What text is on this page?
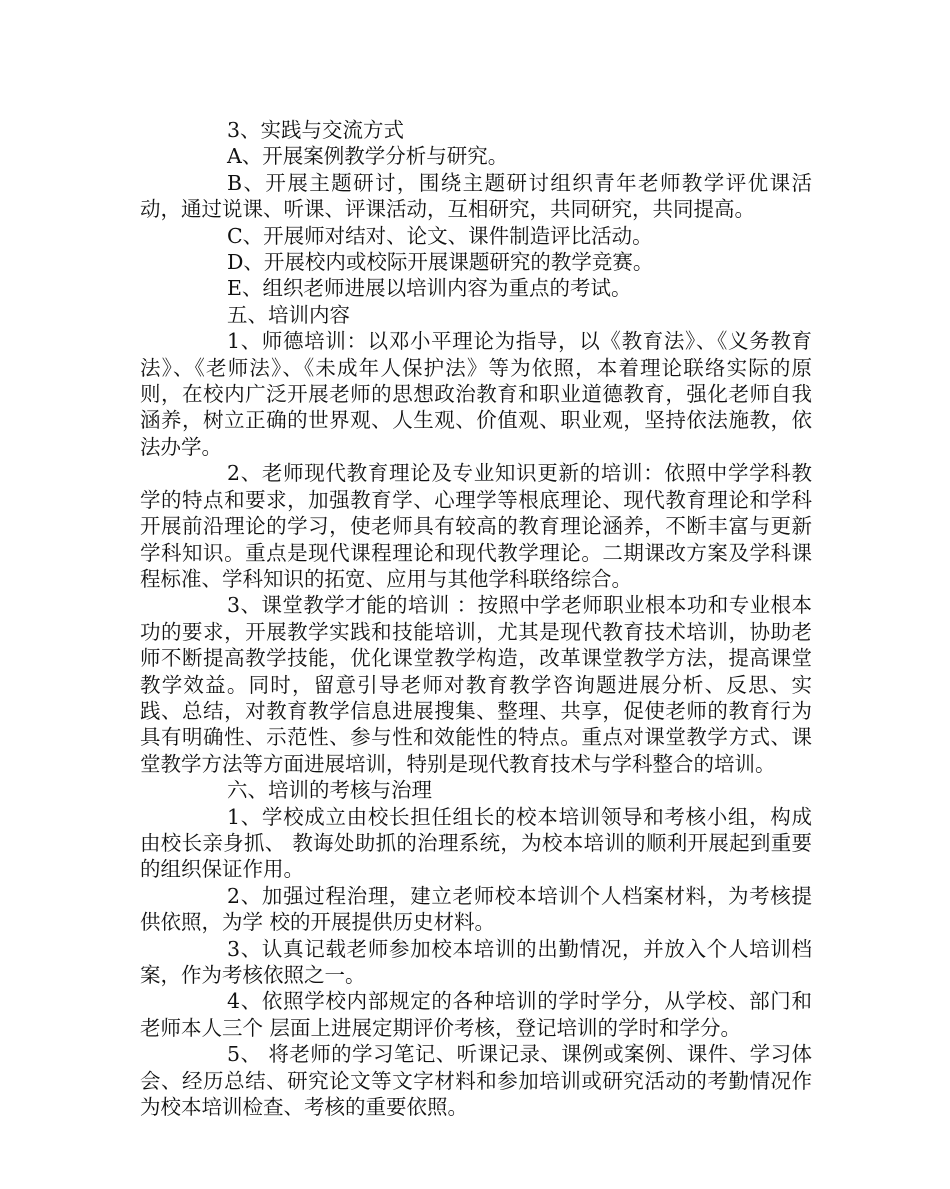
3、实践与交流方式

A、开展案例教学分析与研究。

B、开展主题研讨，围绕主题研讨组织青年老师教学评优课活动，通过说课、听课、评课活动，互相研究，共同研究，共同提高。

C、开展师对结对、论文、课件制造评比活动。

D、开展校内或校际开展课题研究的教学竞赛。

E、组织老师进展以培训内容为重点的考试。

五、培训内容

1、师德培训：以邓小平理论为指导，以《教育法》、《义务教育法》、《老师法》、《未成年人保护法》等为依照，本着理论联络实际的原则，在校内广泛开展老师的思想政治教育和职业道德教育，强化老师自我涵养，树立正确的世界观、人生观、价值观、职业观，坚持依法施教，依法办学。

2、老师现代教育理论及专业知识更新的培训：依照中学学科教学的特点和要求，加强教育学、心理学等根底理论、现代教育理论和学科开展前沿理论的学习，使老师具有较高的教育理论涵养，不断丰富与更新学科知识。重点是现代课程理论和现代教学理论。二期课改方案及学科课程标准、学科知识的拓宽、应用与其他学科联络综合。

3、课堂教学才能的培训 ：按照中学老师职业根本功和专业根本功的要求，开展教学实践和技能培训，尤其是现代教育技术培训，协助老师不断提高教学技能，优化课堂教学构造，改革课堂教学方法，提高课堂教学效益。同时，留意引导老师对教育教学咨询题进展分析、反思、实践、总结，对教育教学信息进展搜集、整理、共享，促使老师的教育行为具有明确性、示范性、参与性和效能性的特点。重点对课堂教学方式、课堂教学方法等方面进展培训，特别是现代教育技术与学科整合的培训。

六、培训的考核与治理

1、学校成立由校长担任组长的校本培训领导和考核小组，构成由校长亲身抓、 教诲处助抓的治理系统，为校本培训的顺利开展起到重要的组织保证作用。

2、加强过程治理，建立老师校本培训个人档案材料，为考核提供依照，为学 校的开展提供历史材料。

3、认真记载老师参加校本培训的出勤情况，并放入个人培训档案，作为考核依照之一。

4、依照学校内部规定的各种培训的学时学分，从学校、部门和老师本人三个 层面上进展定期评价考核，登记培训的学时和学分。

5、 将老师的学习笔记、听课记录、课例或案例、课件、学习体会、经历总结、研究论文等文字材料和参加培训或研究活动的考勤情况作为校本培训检查、考核的重要依照。
